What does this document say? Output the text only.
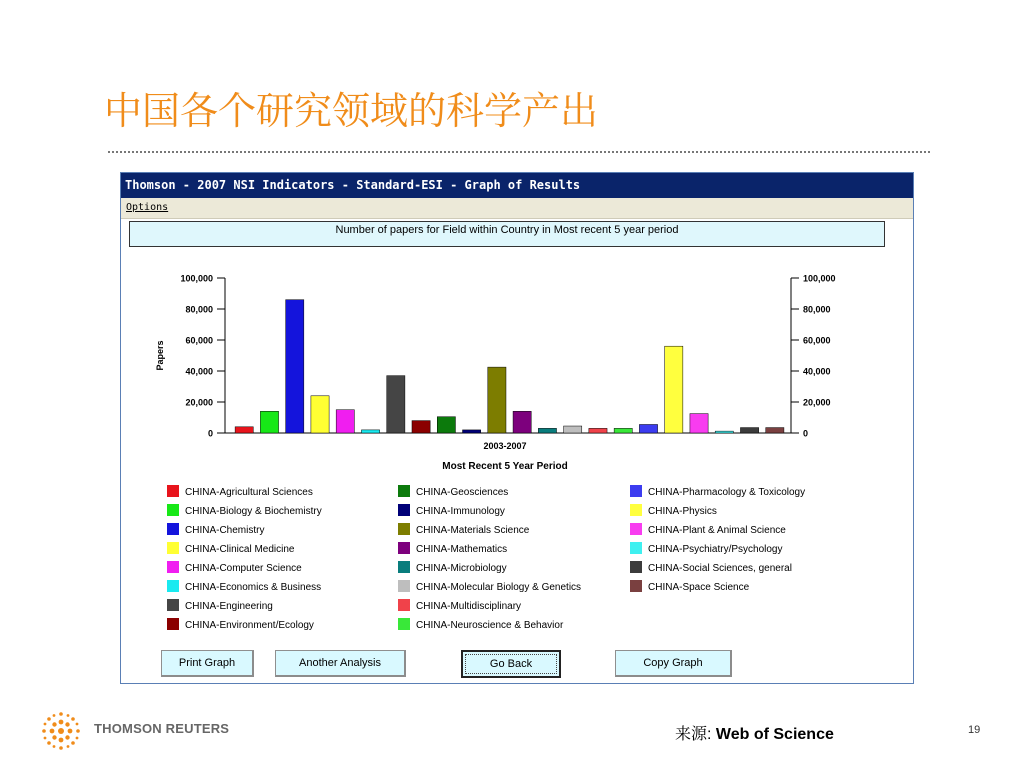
中国各个研究领域的科学产出
Thomson - 2007 NSI Indicators - Standard-ESI - Graph of Results
Options
Number of papers for Field within Country in Most recent 5 year period
0	0
20,000	20,000
40,000	40,000
60,000	60,000
80,000	80,000
100,000	100,000
Papers
2003-2007
Most Recent 5 Year Period
CHINA-Agricultural Sciences
CHINA-Biology & Biochemistry
CHINA-Chemistry
CHINA-Clinical Medicine
CHINA-Computer Science
CHINA-Economics & Business
CHINA-Engineering
CHINA-Environment/Ecology
CHINA-Geosciences
CHINA-Immunology
CHINA-Materials Science
CHINA-Mathematics
CHINA-Microbiology
CHINA-Molecular Biology & Genetics
CHINA-Multidisciplinary
CHINA-Neuroscience & Behavior
CHINA-Pharmacology & Toxicology
CHINA-Physics
CHINA-Plant & Animal Science
CHINA-Psychiatry/Psychology
CHINA-Social Sciences, general
CHINA-Space Science
Print Graph	Another Analysis	Go Back	Copy Graph
THOMSON REUTERS	来源: Web of Science	19
